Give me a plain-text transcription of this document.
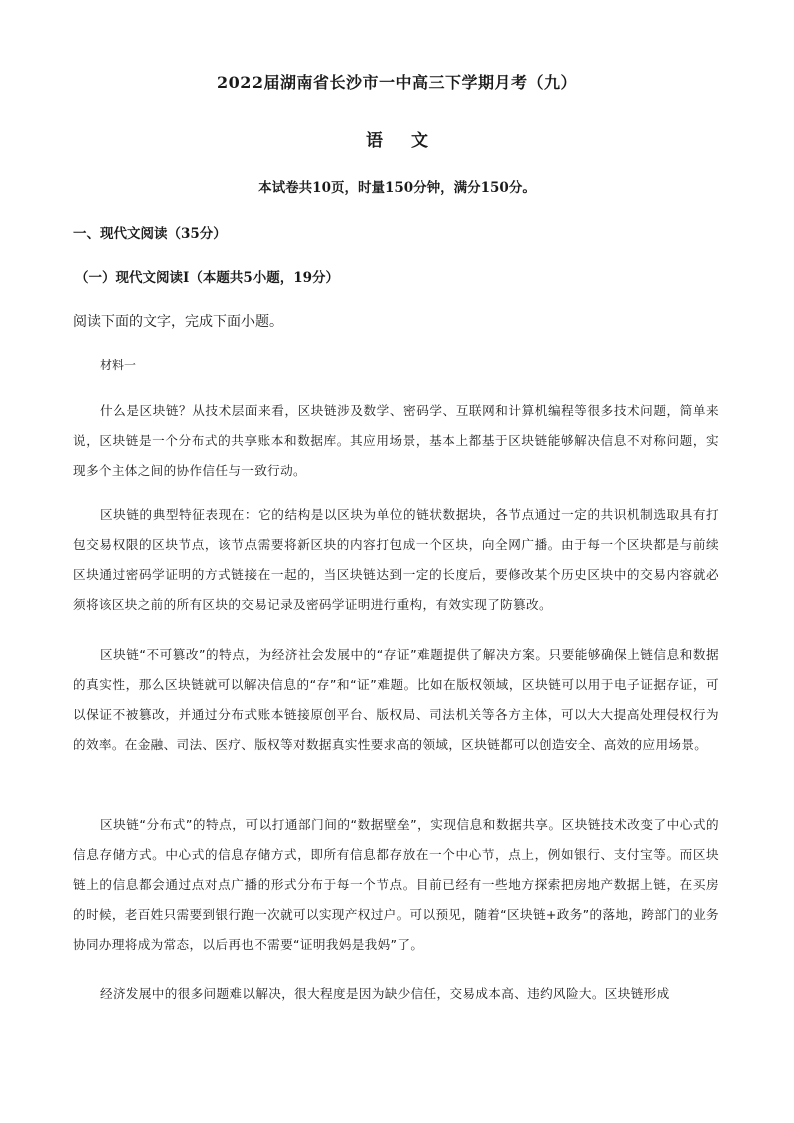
2022届湖南省长沙市一中高三下学期月考（九）
语 文
本试卷共10页，时量150分钟，满分150分。
一、现代文阅读（35分）
（一）现代文阅读Ⅰ（本题共5小题，19分）
阅读下面的文字，完成下面小题。
材料一

什么是区块链？从技术层面来看，区块链涉及数学、密码学、互联网和计算机编程等很多技术问题，简单来说，区块链是一个分布式的共享账本和数据库。其应用场景，基本上都基于区块链能够解决信息不对称问题，实现多个主体之间的协作信任与一致行动。

区块链的典型特征表现在：它的结构是以区块为单位的链状数据块，各节点通过一定的共识机制选取具有打包交易权限的区块节点，该节点需要将新区块的内容打包成一个区块，向全网广播。由于每一个区块都是与前续区块通过密码学证明的方式链接在一起的，当区块链达到一定的长度后，要修改某个历史区块中的交易内容就必须将该区块之前的所有区块的交易记录及密码学证明进行重构，有效实现了防篡改。

区块链“不可篡改”的特点，为经济社会发展中的“存证”难题提供了解决方案。只要能够确保上链信息和数据的真实性，那么区块链就可以解决信息的“存”和“证”难题。比如在版权领域，区块链可以用于电子证据存证，可以保证不被篡改，并通过分布式账本链接原创平台、版权局、司法机关等各方主体，可以大大提高处理侵权行为的效率。在金融、司法、医疗、版权等对数据真实性要求高的领域，区块链都可以创造安全、高效的应用场景。

区块链“分布式”的特点，可以打通部门间的“数据壁垒”，实现信息和数据共享。区块链技术改变了中心式的信息存储方式。中心式的信息存储方式，即所有信息都存放在一个中心节，点上，例如银行、支付宝等。而区块链上的信息都会通过点对点广播的形式分布于每一个节点。目前已经有一些地方探索把房地产数据上链，在买房的时候，老百姓只需要到银行跑一次就可以实现产权过户。可以预见，随着“区块链+政务”的落地，跨部门的业务协同办理将成为常态，以后再也不需要“证明我妈是我妈”了。

经济发展中的很多问题难以解决，很大程度是因为缺少信任，交易成本高、违约风险大。区块链形成
